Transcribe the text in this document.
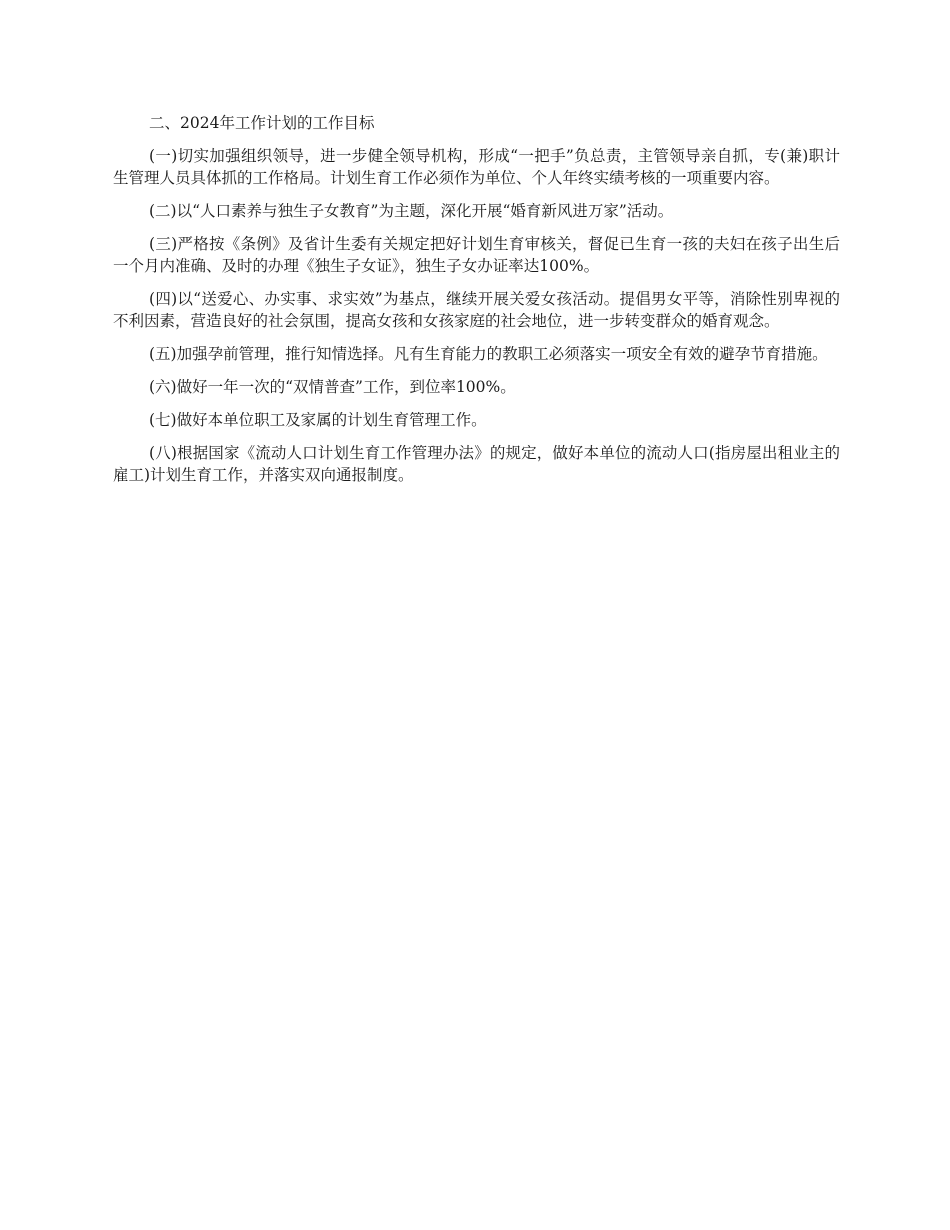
二、2024年工作计划的工作目标

(一)切实加强组织领导，进一步健全领导机构，形成“一把手”负总责，主管领导亲自抓，专(兼)职计生管理人员具体抓的工作格局。计划生育工作必须作为单位、个人年终实绩考核的一项重要内容。

(二)以“人口素养与独生子女教育”为主题，深化开展“婚育新风进万家”活动。

(三)严格按《条例》及省计生委有关规定把好计划生育审核关，督促已生育一孩的夫妇在孩子出生后一个月内准确、及时的办理《独生子女证》，独生子女办证率达100%。

(四)以“送爱心、办实事、求实效”为基点，继续开展关爱女孩活动。提倡男女平等，消除性别卑视的不利因素，营造良好的社会氛围，提高女孩和女孩家庭的社会地位，进一步转变群众的婚育观念。

(五)加强孕前管理，推行知情选择。凡有生育能力的教职工必须落实一项安全有效的避孕节育措施。

(六)做好一年一次的“双情普查”工作，到位率100%。

(七)做好本单位职工及家属的计划生育管理工作。

(八)根据国家《流动人口计划生育工作管理办法》的规定，做好本单位的流动人口(指房屋出租业主的雇工)计划生育工作，并落实双向通报制度。
